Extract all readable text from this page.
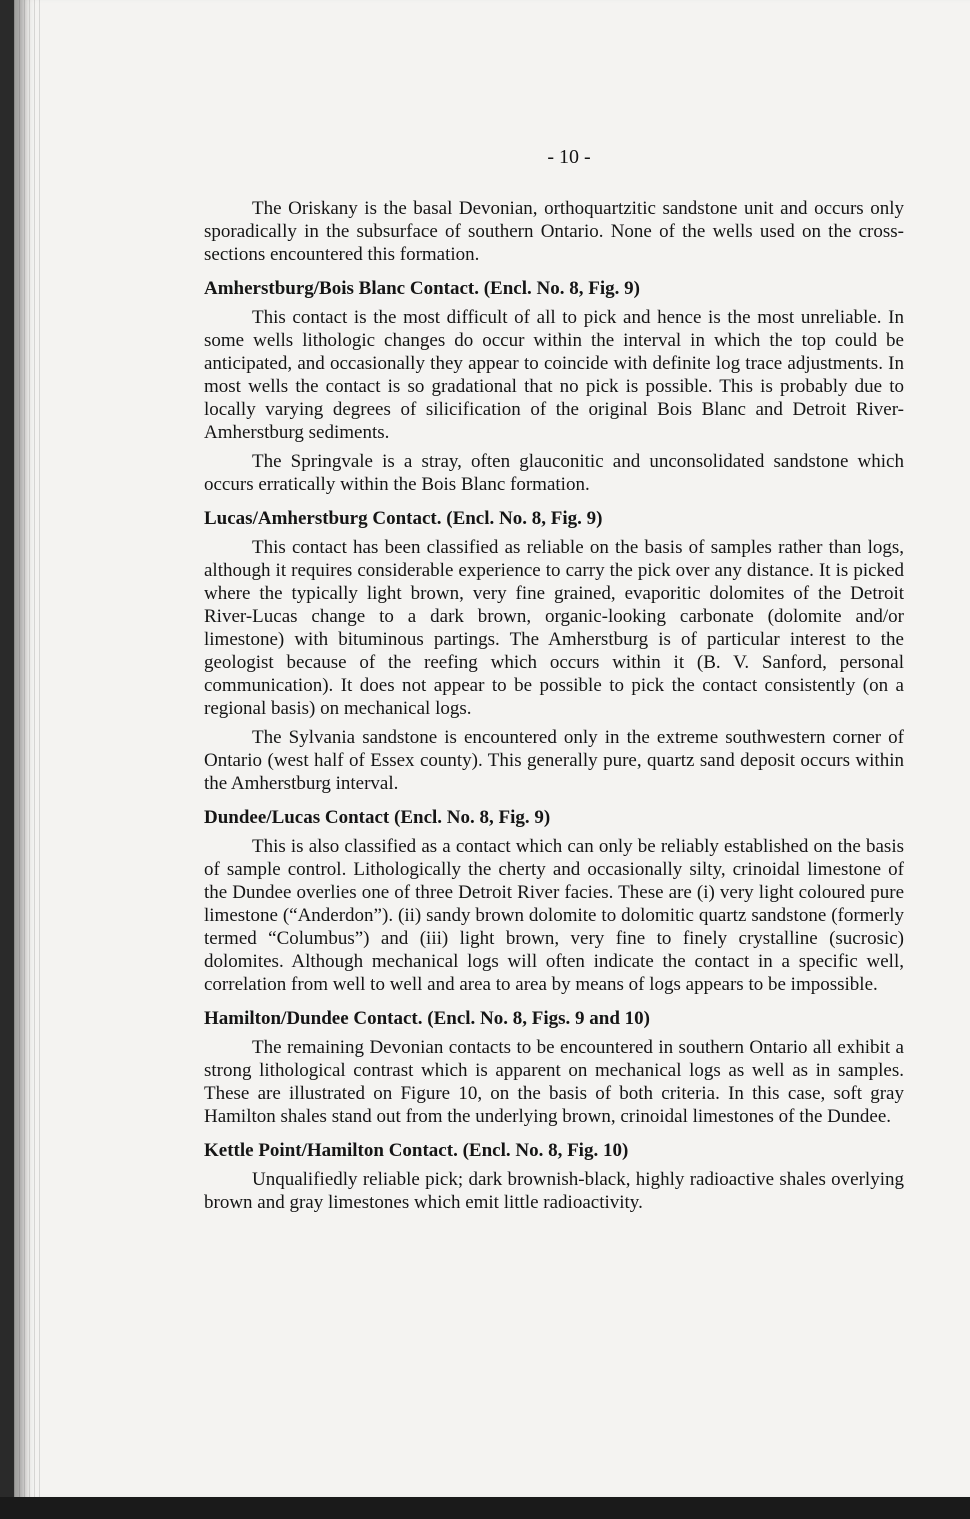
- 10 -

The Oriskany is the basal Devonian, orthoquartzitic sandstone unit and occurs only sporadically in the subsurface of southern Ontario. None of the wells used on the cross-sections encountered this formation.

Amherstburg/Bois Blanc Contact. (Encl. No. 8, Fig. 9)

This contact is the most difficult of all to pick and hence is the most unreliable. In some wells lithologic changes do occur within the interval in which the top could be anticipated, and occasionally they appear to coincide with definite log trace adjustments. In most wells the contact is so gradational that no pick is possible. This is probably due to locally varying degrees of silicification of the original Bois Blanc and Detroit River-Amherstburg sediments.

The Springvale is a stray, often glauconitic and unconsolidated sandstone which occurs erratically within the Bois Blanc formation.

Lucas/Amherstburg Contact. (Encl. No. 8, Fig. 9)

This contact has been classified as reliable on the basis of samples rather than logs, although it requires considerable experience to carry the pick over any distance. It is picked where the typically light brown, very fine grained, evaporitic dolomites of the Detroit River-Lucas change to a dark brown, organic-looking carbonate (dolomite and/or limestone) with bituminous partings. The Amherstburg is of particular interest to the geologist because of the reefing which occurs within it (B. V. Sanford, personal communication). It does not appear to be possible to pick the contact consistently (on a regional basis) on mechanical logs.

The Sylvania sandstone is encountered only in the extreme southwestern corner of Ontario (west half of Essex county). This generally pure, quartz sand deposit occurs within the Amherstburg interval.

Dundee/Lucas Contact (Encl. No. 8, Fig. 9)

This is also classified as a contact which can only be reliably established on the basis of sample control. Lithologically the cherty and occasionally silty, crinoidal limestone of the Dundee overlies one of three Detroit River facies. These are (i) very light coloured pure limestone (“Anderdon”). (ii) sandy brown dolomite to dolomitic quartz sandstone (formerly termed “Columbus”) and (iii) light brown, very fine to finely crystalline (sucrosic) dolomites. Although mechanical logs will often indicate the contact in a specific well, correlation from well to well and area to area by means of logs appears to be impossible.

Hamilton/Dundee Contact. (Encl. No. 8, Figs. 9 and 10)

The remaining Devonian contacts to be encountered in southern Ontario all exhibit a strong lithological contrast which is apparent on mechanical logs as well as in samples. These are illustrated on Figure 10, on the basis of both criteria. In this case, soft gray Hamilton shales stand out from the underlying brown, crinoidal limestones of the Dundee.

Kettle Point/Hamilton Contact. (Encl. No. 8, Fig. 10)

Unqualifiedly reliable pick; dark brownish-black, highly radioactive shales overlying brown and gray limestones which emit little radioactivity.
